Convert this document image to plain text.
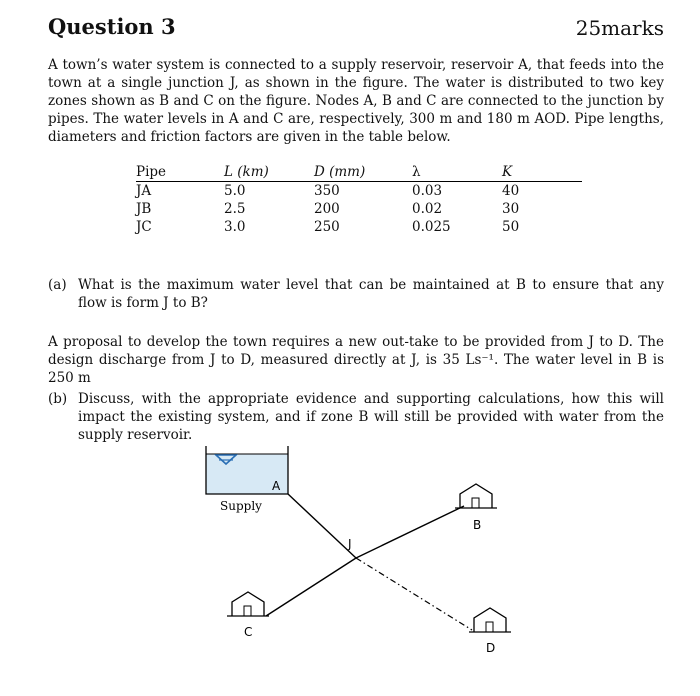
Question 3	25marks

A town’s water system is connected to a supply reservoir, reservoir A, that feeds into the town at a single junction J, as shown in the figure. The water is distributed to two key zones shown as B and C on the figure. Nodes A, B and C are connected to the junction by pipes. The water levels in A and C are, respectively, 300 m and 180 m AOD. Pipe lengths, diameters and friction factors are given in the table below.

Pipe	L (km)	D (mm)	λ	K
JA	5.0	350	0.03	40
JB	2.5	200	0.02	30
JC	3.0	250	0.025	50
(a) What is the maximum water level that can be maintained at B to ensure that any flow is form J to B?

A proposal to develop the town requires a new out-take to be provided from J to D. The design discharge from J to D, measured directly at J, is 35 Ls⁻¹. The water level in B is 250 m

(b) Discuss, with the appropriate evidence and supporting calculations, how this will impact the existing system, and if zone B will still be provided with water from the supply reservoir.
A
Supply
J
B
C
D
